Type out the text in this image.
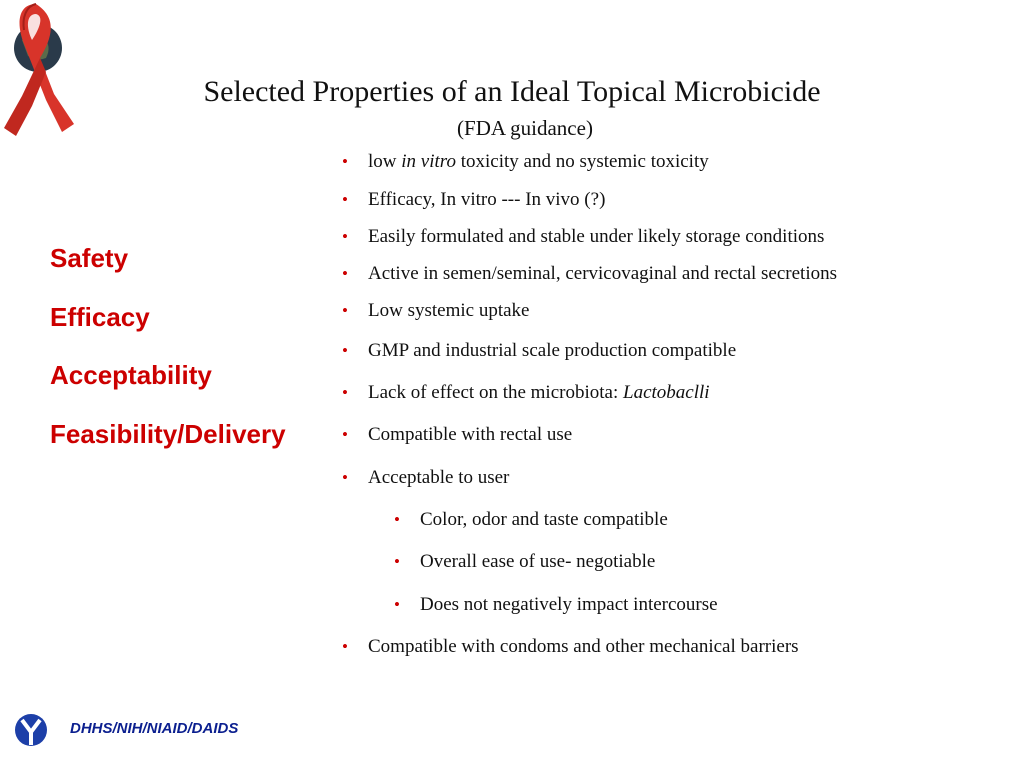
Selected Properties of an Ideal Topical Microbicide
(FDA guidance)
Safety
Efficacy
Acceptability
Feasibility/Delivery
• low in vitro toxicity and no systemic toxicity
• Efficacy, In vitro --- In vivo (?)
• Easily formulated and stable under likely storage conditions
• Active in semen/seminal, cervicovaginal and rectal secretions
• Low systemic uptake
• GMP and industrial scale production compatible
• Lack of effect on the microbiota: Lactobaclli
• Compatible with rectal use
• Acceptable to user
• Color, odor and taste compatible
• Overall ease of use- negotiable
• Does not negatively impact intercourse
• Compatible with condoms and other mechanical barriers
DHHS/NIH/NIAID/DAIDS
